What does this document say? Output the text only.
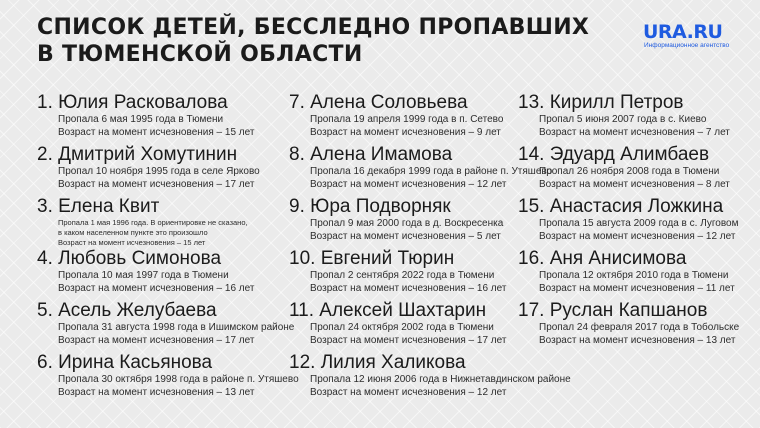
СПИСОК ДЕТЕЙ, БЕССЛЕДНО ПРОПАВШИХ
В ТЮМЕНСКОЙ ОБЛАСТИ
URA.RU
Информационное агентство
1. Юлия Расковалова
Пропала 6 мая 1995 года в Тюмени
Возраст на момент исчезновения – 15 лет
2. Дмитрий Хомутинин
Пропал 10 ноября 1995 года в селе Ярково
Возраст на момент исчезновения – 17 лет
3. Елена Квит
Пропала 1 мая 1996 года. В ориентировке не сказано,
в каком населенном пункте это произошло
Возраст на момент исчезновения – 15 лет
4. Любовь Симонова
Пропала 10 мая 1997 года в Тюмени
Возраст на момент исчезновения – 16 лет
5. Асель Желубаева
Пропала 31 августа 1998 года в Ишимском районе
Возраст на момент исчезновения – 17 лет
6. Ирина Касьянова
Пропала 30 октября 1998 года в районе п. Утяшево
Возраст на момент исчезновения – 13 лет
7. Алена Соловьева
Пропала 19 апреля 1999 года в п. Сетево
Возраст на момент исчезновения – 9 лет
8. Алена Имамова
Пропала 16 декабря 1999 года в районе п. Утяшево
Возраст на момент исчезновения – 12 лет
9. Юра Подворняк
Пропал 9 мая 2000 года в д. Воскресенка
Возраст на момент исчезновения – 5 лет
10. Евгений Тюрин
Пропал 2 сентября 2022 года в Тюмени
Возраст на момент исчезновения – 16 лет
11. Алексей Шахтарин
Пропал 24 октября 2002 года в Тюмени
Возраст на момент исчезновения – 17 лет
12. Лилия Халикова
Пропала 12 июня 2006 года в Нижнетавдинском районе
Возраст на момент исчезновения – 12 лет
13. Кирилл Петров
Пропал 5 июня 2007 года в с. Киево
Возраст на момент исчезновения – 7 лет
14. Эдуард Алимбаев
Пропал 26 ноября 2008 года в Тюмени
Возраст на момент исчезновения – 8 лет
15. Анастасия Ложкина
Пропала 15 августа 2009 года в с. Луговом
Возраст на момент исчезновения – 12 лет
16. Аня Анисимова
Пропала 12 октября 2010 года в Тюмени
Возраст на момент исчезновения – 11 лет
17. Руслан Капшанов
Пропал 24 февраля 2017 года в Тобольске
Возраст на момент исчезновения – 13 лет
